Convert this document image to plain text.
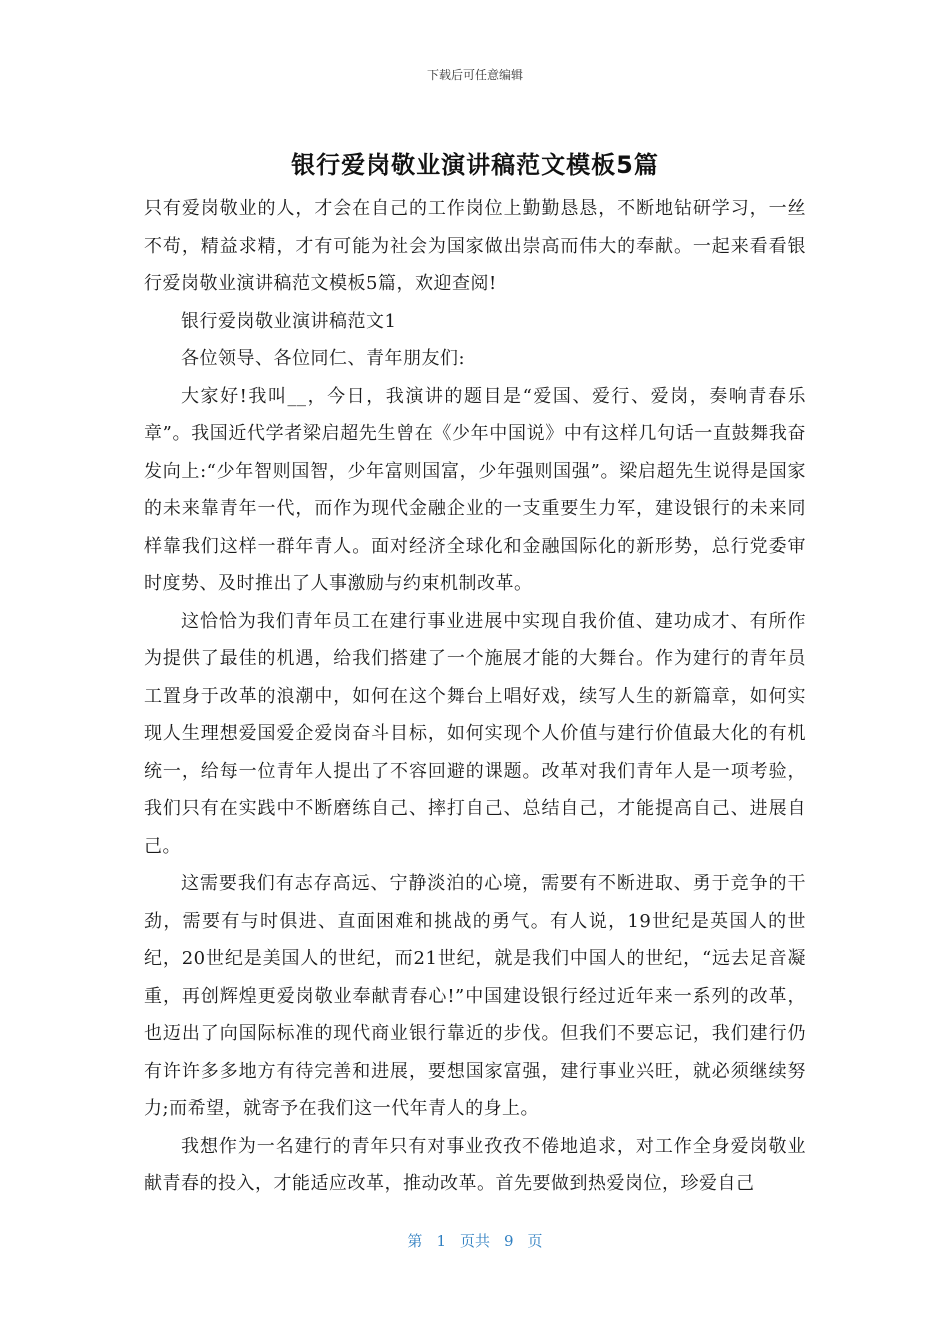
下载后可任意编辑
银行爱岗敬业演讲稿范文模板5篇

只有爱岗敬业的人，才会在自己的工作岗位上勤勤恳恳，不断地钻研学习，一丝不苟，精益求精，才有可能为社会为国家做出崇高而伟大的奉献。一起来看看银行爱岗敬业演讲稿范文模板5篇，欢迎查阅!

银行爱岗敬业演讲稿范文1

各位领导、各位同仁、青年朋友们:

大家好!我叫__，今日，我演讲的题目是“爱国、爱行、爱岗，奏响青春乐章”。我国近代学者梁启超先生曾在《少年中国说》中有这样几句话一直鼓舞我奋发向上:“少年智则国智，少年富则国富，少年强则国强”。梁启超先生说得是国家的未来靠青年一代，而作为现代金融企业的一支重要生力军，建设银行的未来同样靠我们这样一群年青人。面对经济全球化和金融国际化的新形势，总行党委审时度势、及时推出了人事激励与约束机制改革。

这恰恰为我们青年员工在建行事业进展中实现自我价值、建功成才、有所作为提供了最佳的机遇，给我们搭建了一个施展才能的大舞台。作为建行的青年员工置身于改革的浪潮中，如何在这个舞台上唱好戏，续写人生的新篇章，如何实现人生理想爱国爱企爱岗奋斗目标，如何实现个人价值与建行价值最大化的有机统一，给每一位青年人提出了不容回避的课题。改革对我们青年人是一项考验，我们只有在实践中不断磨练自己、摔打自己、总结自己，才能提高自己、进展自己。

这需要我们有志存高远、宁静淡泊的心境，需要有不断进取、勇于竞争的干劲，需要有与时俱进、直面困难和挑战的勇气。有人说，19世纪是英国人的世纪，20世纪是美国人的世纪，而21世纪，就是我们中国人的世纪，“远去足音凝重，再创辉煌更爱岗敬业奉献青春心!”中国建设银行经过近年来一系列的改革，也迈出了向国际标准的现代商业银行靠近的步伐。但我们不要忘记，我们建行仍有许许多多地方有待完善和进展，要想国家富强，建行事业兴旺，就必须继续努力;而希望，就寄予在我们这一代年青人的身上。

我想作为一名建行的青年只有对事业孜孜不倦地追求，对工作全身爱岗敬业献青春的投入，才能适应改革，推动改革。首先要做到热爱岗位，珍爱自己

第 1 页共 9 页
